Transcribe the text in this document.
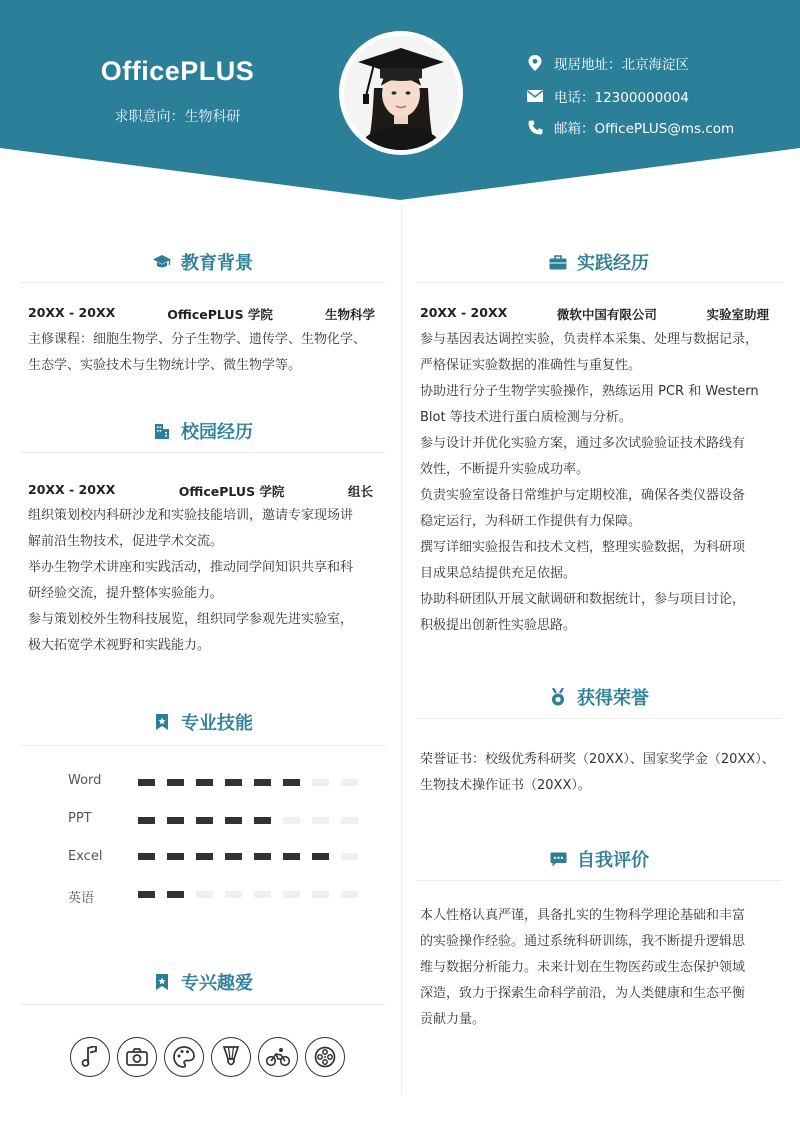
OfficePLUS
求职意向：生物科研
现居地址：北京海淀区
电话：12300000004
邮箱：OfficePLUS@ms.com
教育背景
20XX - 20XX	OfficePLUS 学院	生物科学
主修课程：细胞生物学、分子生物学、遗传学、生物化学、
生态学、实验技术与生物统计学、微生物学等。
校园经历
20XX - 20XX	OfficePLUS 学院	组长
组织策划校内科研沙龙和实验技能培训，邀请专家现场讲
解前沿生物技术，促进学术交流。
举办生物学术讲座和实践活动，推动同学间知识共享和科
研经验交流，提升整体实验能力。
参与策划校外生物科技展览，组织同学参观先进实验室，
极大拓宽学术视野和实践能力。
专业技能
Word
PPT
Excel
英语
专兴趣爱
实践经历
20XX - 20XX	微软中国有限公司	实验室助理
参与基因表达调控实验，负责样本采集、处理与数据记录，
严格保证实验数据的准确性与重复性。
协助进行分子生物学实验操作，熟练运用 PCR 和 Western
Blot 等技术进行蛋白质检测与分析。
参与设计并优化实验方案，通过多次试验验证技术路线有
效性，不断提升实验成功率。
负责实验室设备日常维护与定期校准，确保各类仪器设备
稳定运行，为科研工作提供有力保障。
撰写详细实验报告和技术文档，整理实验数据，为科研项
目成果总结提供充足依据。
协助科研团队开展文献调研和数据统计，参与项目讨论，
积极提出创新性实验思路。
获得荣誉
荣誉证书：校级优秀科研奖（20XX）、国家奖学金（20XX）、
生物技术操作证书（20XX）。
自我评价
本人性格认真严谨，具备扎实的生物科学理论基础和丰富
的实验操作经验。通过系统科研训练，我不断提升逻辑思
维与数据分析能力。未来计划在生物医药或生态保护领域
深造，致力于探索生命科学前沿，为人类健康和生态平衡
贡献力量。
